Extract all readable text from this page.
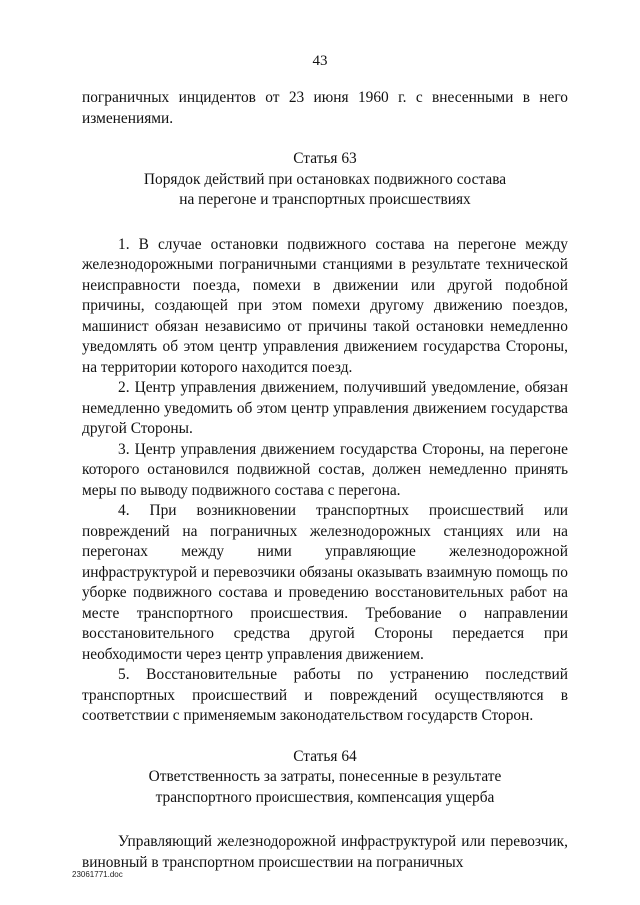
43

пограничных инцидентов от 23 июня 1960 г. с внесенными в него изменениями.

Статья 63
Порядок действий при остановках подвижного состава
на перегоне и транспортных происшествиях

1. В случае остановки подвижного состава на перегоне между железнодорожными пограничными станциями в результате технической неисправности поезда, помехи в движении или другой подобной причины, создающей при этом помехи другому движению поездов, машинист обязан независимо от причины такой остановки немедленно уведомлять об этом центр управления движением государства Стороны, на территории которого находится поезд.

2. Центр управления движением, получивший уведомление, обязан немедленно уведомить об этом центр управления движением государства другой Стороны.

3. Центр управления движением государства Стороны, на перегоне которого остановился подвижной состав, должен немедленно принять меры по выводу подвижного состава с перегона.

4. При возникновении транспортных происшествий или повреждений на пограничных железнодорожных станциях или на перегонах между ними управляющие железнодорожной инфраструктурой и перевозчики обязаны оказывать взаимную помощь по уборке подвижного состава и проведению восстановительных работ на месте транспортного происшествия. Требование о направлении восстановительного средства другой Стороны передается при необходимости через центр управления движением.

5. Восстановительные работы по устранению последствий транспортных происшествий и повреждений осуществляются в соответствии с применяемым законодательством государств Сторон.

Статья 64
Ответственность за затраты, понесенные в результате
транспортного происшествия, компенсация ущерба

Управляющий железнодорожной инфраструктурой или перевозчик, виновный в транспортном происшествии на пограничных

23061771.doc
